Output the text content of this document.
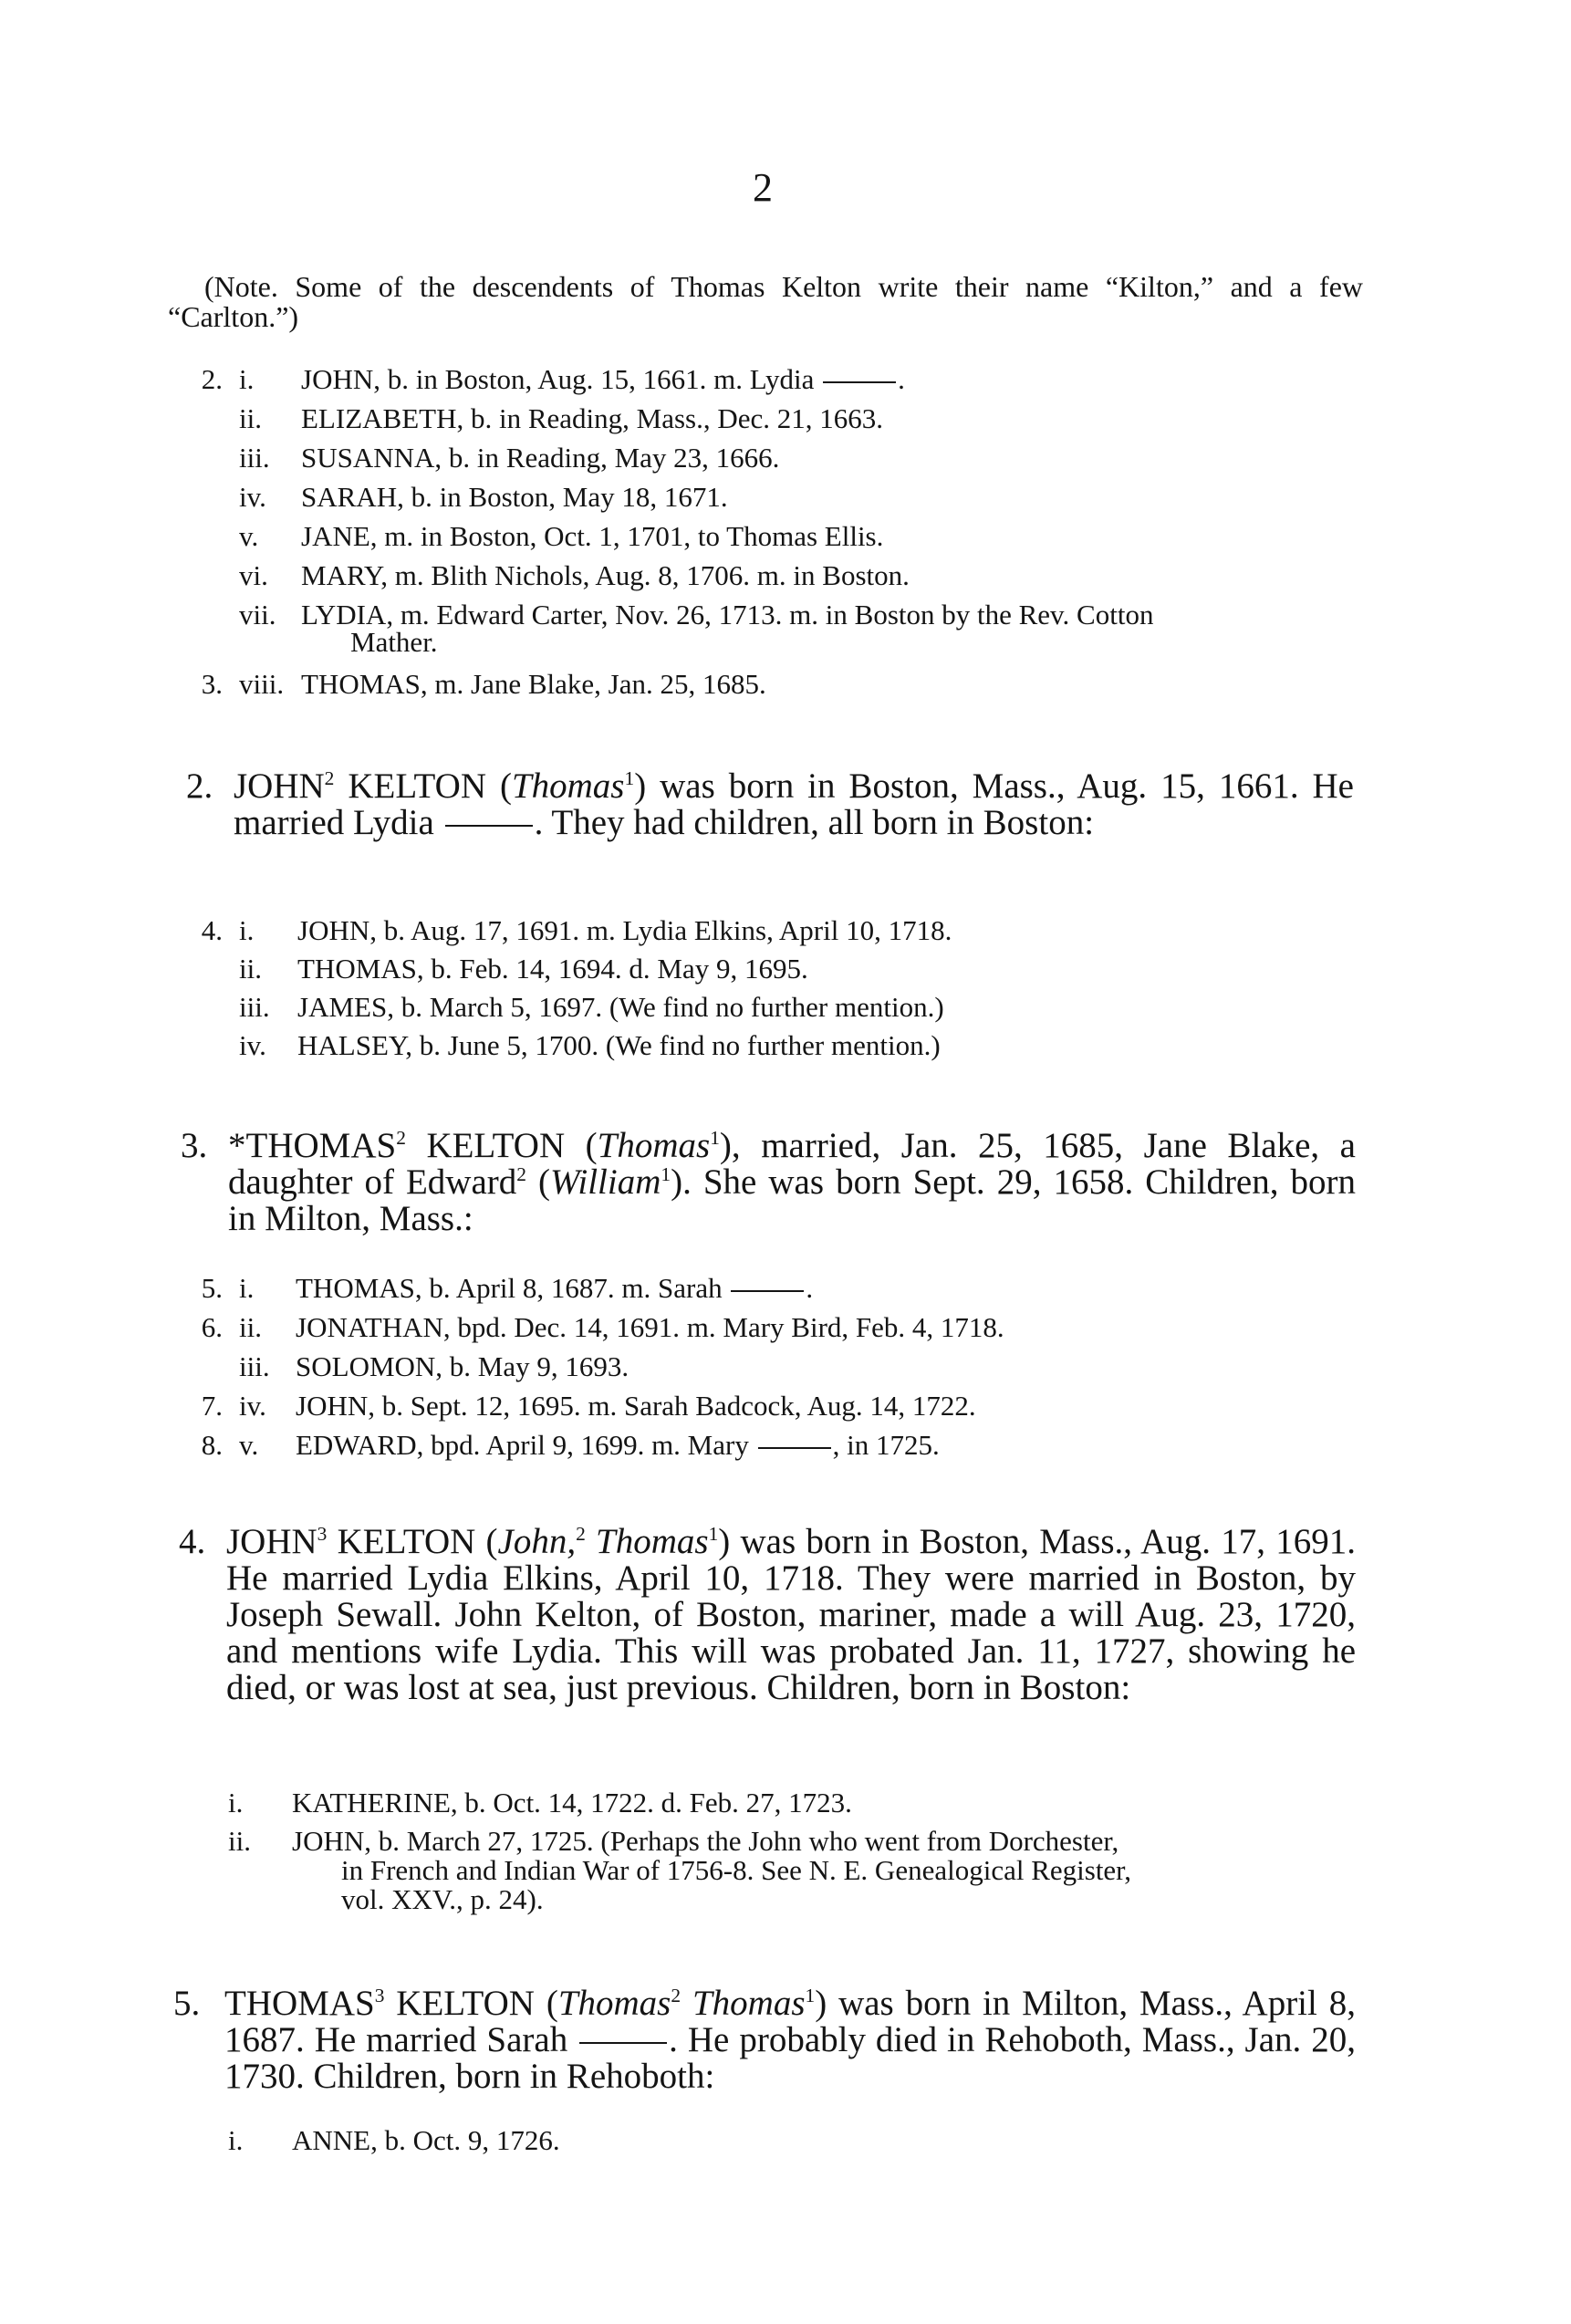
2
(Note. Some of the descendents of Thomas Kelton write their name “Kilton,” and a few “Carlton.”)
2. i. JOHN, b. in Boston, Aug. 15, 1661. m. Lydia	.
ii. ELIZABETH, b. in Reading, Mass., Dec. 21, 1663.
iii. SUSANNA, b. in Reading, May 23, 1666.
iv. SARAH, b. in Boston, May 18, 1671.
v. JANE, m. in Boston, Oct. 1, 1701, to Thomas Ellis.
vi. MARY, m. Blith Nichols, Aug. 8, 1706. m. in Boston.
vii. LYDIA, m. Edward Carter, Nov. 26, 1713. m. in Boston by the Rev. Cotton
Mather.
3. viii. THOMAS, m. Jane Blake, Jan. 25, 1685.
2. JOHN$^2$ KELTON (Thomas$^1$) was born in Boston, Mass., Aug. 15, 1661. He married Lydia	. They had children, all born in Boston:
4. i. JOHN, b. Aug. 17, 1691. m. Lydia Elkins, April 10, 1718.
ii. THOMAS, b. Feb. 14, 1694. d. May 9, 1695.
iii. JAMES, b. March 5, 1697. (We find no further mention.)
iv. HALSEY, b. June 5, 1700. (We find no further mention.)
3. *THOMAS$^2$ KELTON (Thomas$^1$), married, Jan. 25, 1685, Jane Blake, a daughter of Edward$^2$ (William$^1$). She was born Sept. 29, 1658. Children, born in Milton, Mass.:
5. i. THOMAS, b. April 8, 1687. m. Sarah	.
6. ii. JONATHAN, bpd. Dec. 14, 1691. m. Mary Bird, Feb. 4, 1718.
iii. SOLOMON, b. May 9, 1693.
7. iv. JOHN, b. Sept. 12, 1695. m. Sarah Badcock, Aug. 14, 1722.
8. v. EDWARD, bpd. April 9, 1699. m. Mary	, in 1725.
4. JOHN$^3$ KELTON (John,$^2$ Thomas$^1$) was born in Boston, Mass., Aug. 17, 1691. He married Lydia Elkins, April 10, 1718. They were married in Boston, by Joseph Sewall. John Kelton, of Boston, mariner, made a will Aug. 23, 1720, and mentions wife Lydia. This will was probated Jan. 11, 1727, showing he died, or was lost at sea, just previous. Children, born in Boston:
i. KATHERINE, b. Oct. 14, 1722. d. Feb. 27, 1723.
ii. JOHN, b. March 27, 1725. (Perhaps the John who went from Dorchester,
in French and Indian War of 1756-8. See N. E. Genealogical Register,
vol. XXV., p. 24).
5. THOMAS$^3$ KELTON (Thomas$^2$ Thomas$^1$) was born in Milton, Mass., April 8, 1687. He married Sarah	. He probably died in Rehoboth, Mass., Jan. 20, 1730. Children, born in Rehoboth:
i. ANNE, b. Oct. 9, 1726.
